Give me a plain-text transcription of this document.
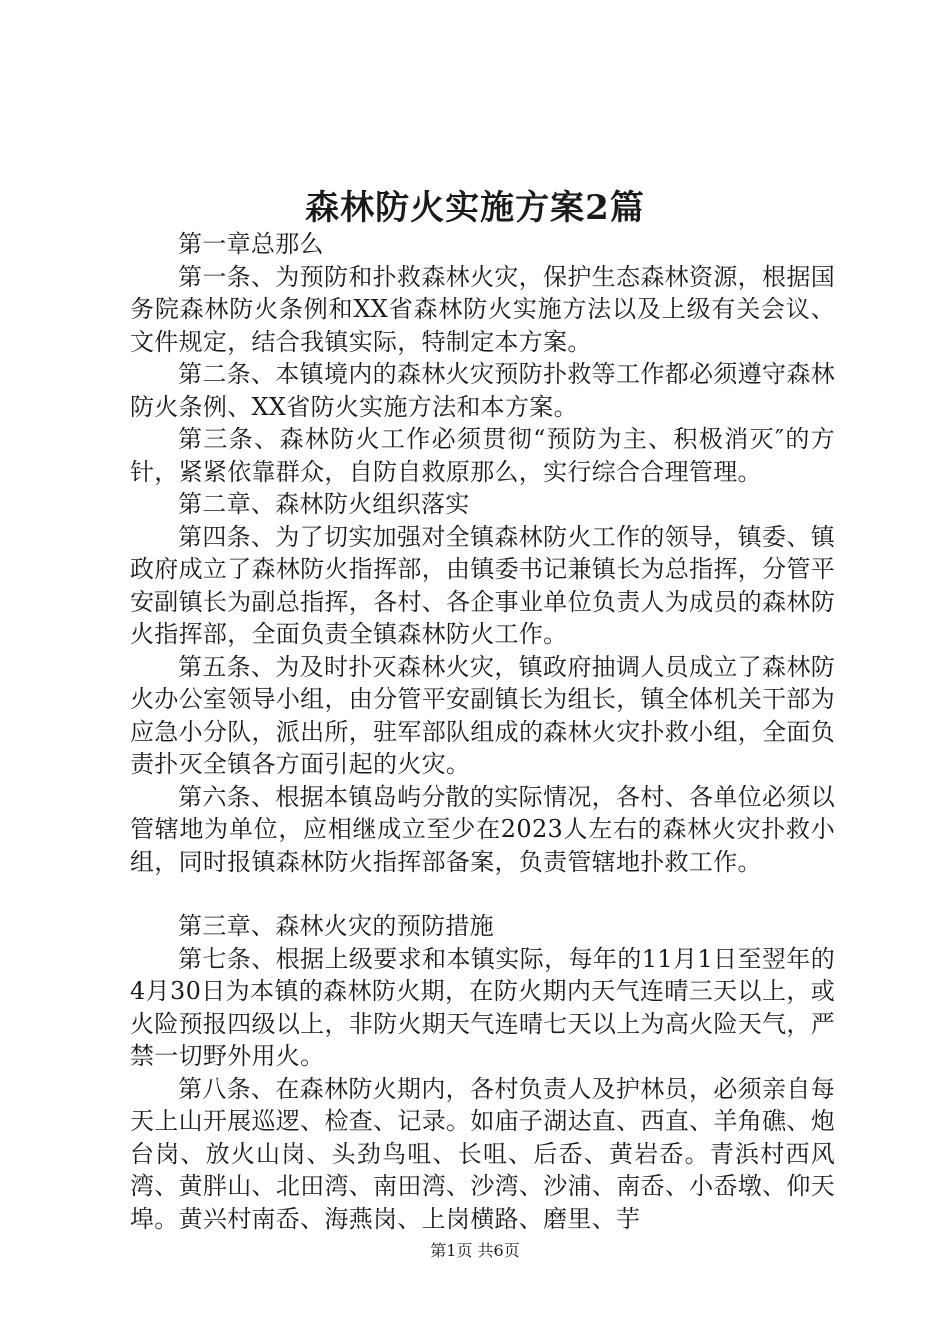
森林防火实施方案2篇

第一章总那么

第一条、为预防和扑救森林火灾，保护生态森林资源，根据国务院森林防火条例和XX省森林防火实施方法以及上级有关会议、文件规定，结合我镇实际，特制定本方案。

第二条、本镇境内的森林火灾预防扑救等工作都必须遵守森林防火条例、XX省防火实施方法和本方案。

第三条、森林防火工作必须贯彻“预防为主、积极消灭″的方针，紧紧依靠群众，自防自救原那么，实行综合合理管理。

第二章、森林防火组织落实

第四条、为了切实加强对全镇森林防火工作的领导，镇委、镇政府成立了森林防火指挥部，由镇委书记兼镇长为总指挥，分管平安副镇长为副总指挥，各村、各企事业单位负责人为成员的森林防火指挥部，全面负责全镇森林防火工作。

第五条、为及时扑灭森林火灾，镇政府抽调人员成立了森林防火办公室领导小组，由分管平安副镇长为组长，镇全体机关干部为应急小分队，派出所，驻军部队组成的森林火灾扑救小组，全面负责扑灭全镇各方面引起的火灾。

第六条、根据本镇岛屿分散的实际情况，各村、各单位必须以管辖地为单位，应相继成立至少在2023人左右的森林火灾扑救小组，同时报镇森林防火指挥部备案，负责管辖地扑救工作。

第三章、森林火灾的预防措施

第七条、根据上级要求和本镇实际，每年的11月1日至翌年的4月30日为本镇的森林防火期，在防火期内天气连晴三天以上，或火险预报四级以上，非防火期天气连晴七天以上为高火险天气，严禁一切野外用火。

第八条、在森林防火期内，各村负责人及护林员，必须亲自每天上山开展巡逻、检查、记录。如庙子湖达直、西直、羊角礁、炮台岗、放火山岗、头劲鸟咀、长咀、后岙、黄岩岙。青浜村西风湾、黄胖山、北田湾、南田湾、沙湾、沙浦、南岙、小岙墩、仰天埠。黄兴村南岙、海燕岗、上岗横路、磨里、芋

第1页 共6页
